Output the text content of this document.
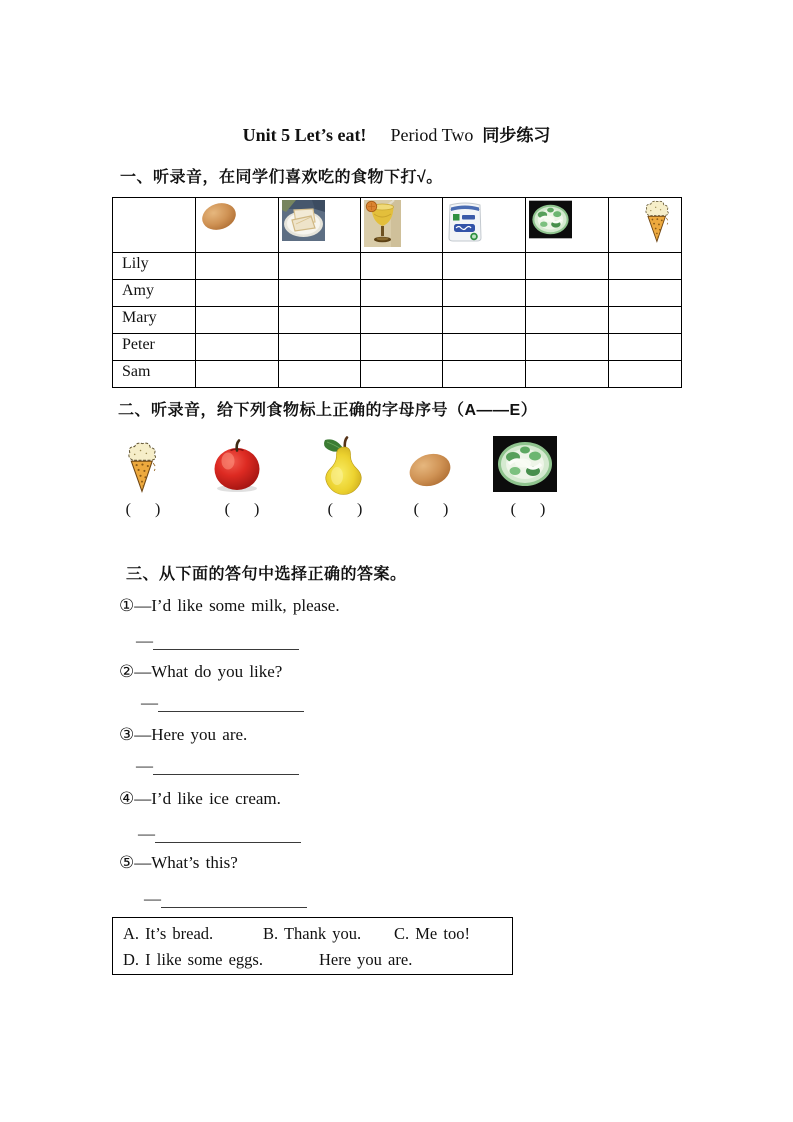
Unit 5 Let’s eat! Period Two 同步练习
一、听录音，在同学们喜欢吃的食物下打√。

Lily						
Amy						
Mary						
Peter						
Sam						
二、听录音，给下列食物标上正确的字母序号（A——E）
(      )	(      )	(      )	(      )	(      )
三、从下面的答句中选择正确的答案。
①—I’d like some milk, please.
—
②—What do you like?
—
③—Here you are.
—
④—I’d like ice cream.
—
⑤—What’s this?
—
A. It’s bread.	B. Thank you. C. Me too!
D. I like some eggs.	Here you are.
